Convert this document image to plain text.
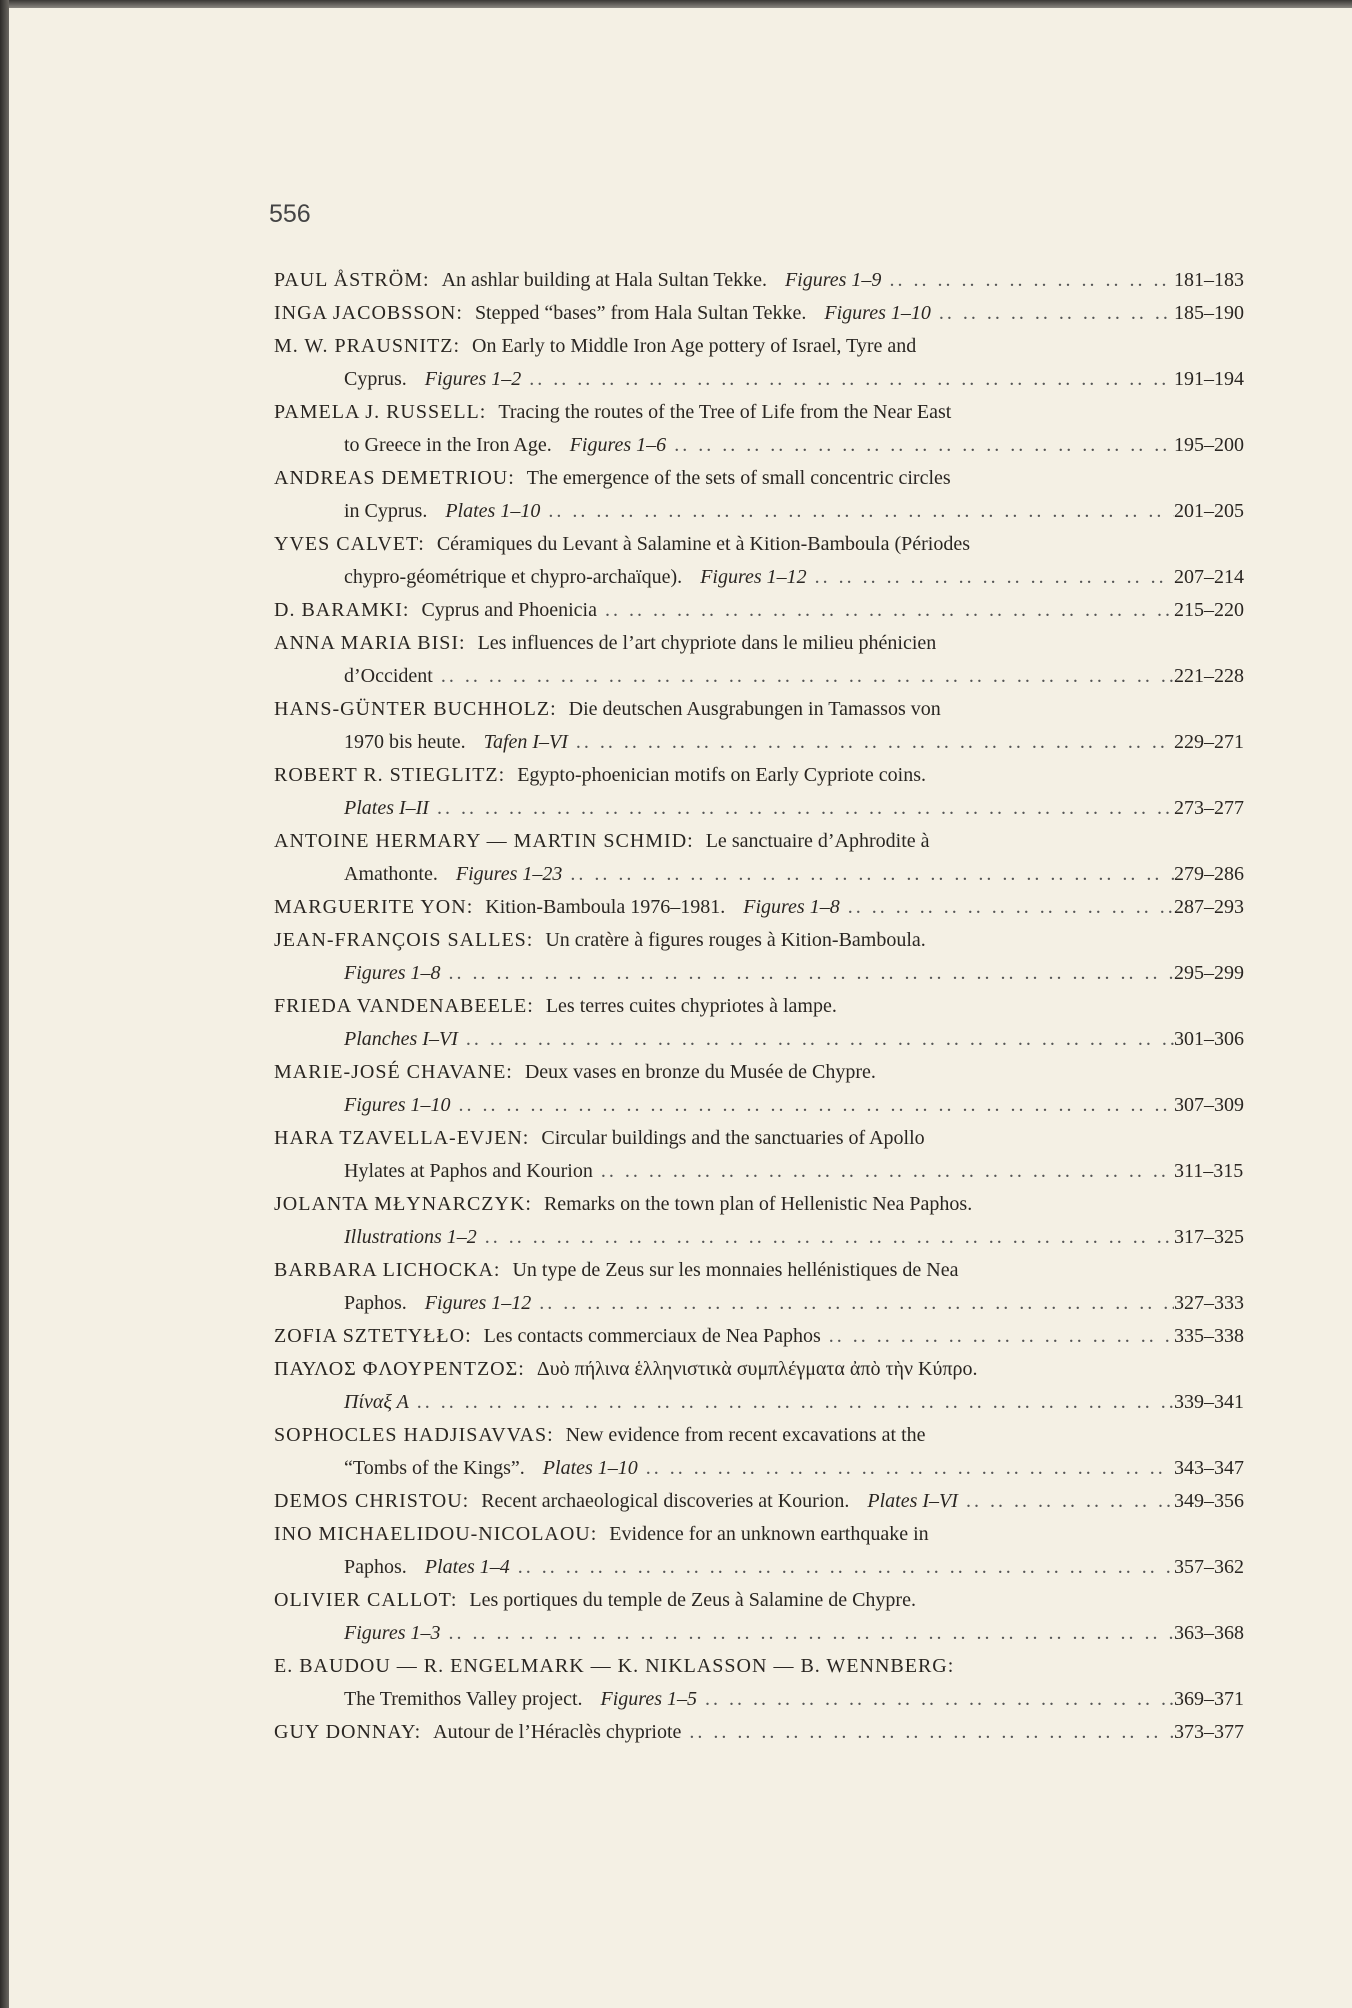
556
PAUL ÅSTRÖM: An ashlar building at Hala Sultan Tekke. Figures 1–9 .. ..	181–183
INGA JACOBSSON: Stepped “bases” from Hala Sultan Tekke. Figures 1–10 .. ..	185–190
M. W. PRAUSNITZ: On Early to Middle Iron Age pottery of Israel, Tyre and
Cyprus. Figures 1–2 .. ..	191–194
PAMELA J. RUSSELL: Tracing the routes of the Tree of Life from the Near East
to Greece in the Iron Age. Figures 1–6 .. ..	195–200
ANDREAS DEMETRIOU: The emergence of the sets of small concentric circles
in Cyprus. Plates 1–10 .. ..	201–205
YVES CALVET: Céramiques du Levant à Salamine et à Kition-Bamboula (Périodes
chypro-géométrique et chypro-archaïque). Figures 1–12 .. ..	207–214
D. BARAMKI: Cyprus and Phoenicia .. ..	215–220
ANNA MARIA BISI: Les influences de l’art chypriote dans le milieu phénicien
d’Occident .. ..	221–228
HANS-GÜNTER BUCHHOLZ: Die deutschen Ausgrabungen in Tamassos von
1970 bis heute. Tafen I–VI .. ..	229–271
ROBERT R. STIEGLITZ: Egypto-phoenician motifs on Early Cypriote coins.
Plates I–II .. ..	273–277
ANTOINE HERMARY — MARTIN SCHMID: Le sanctuaire d’Aphrodite à
Amathonte. Figures 1–23 .. ..	279–286
MARGUERITE YON: Kition-Bamboula 1976–1981. Figures 1–8 .. ..	287–293
JEAN-FRANÇOIS SALLES: Un cratère à figures rouges à Kition-Bamboula.
Figures 1–8 .. ..	295–299
FRIEDA VANDENABEELE: Les terres cuites chypriotes à lampe.
Planches I–VI .. ..	301–306
MARIE-JOSÉ CHAVANE: Deux vases en bronze du Musée de Chypre.
Figures 1–10 .. ..	307–309
HARA TZAVELLA-EVJEN: Circular buildings and the sanctuaries of Apollo
Hylates at Paphos and Kourion .. ..	311–315
JOLANTA MŁYNARCZYK: Remarks on the town plan of Hellenistic Nea Paphos.
Illustrations 1–2 .. ..	317–325
BARBARA LICHOCKA: Un type de Zeus sur les monnaies hellénistiques de Nea
Paphos. Figures 1–12 .. ..	327–333
ZOFIA SZTETYŁŁO: Les contacts commerciaux de Nea Paphos .. ..	335–338
ΠΑΥΛΟΣ ΦΛΟΥΡΕΝΤΖΟΣ: Δυὸ πήλινα ἑλληνιστικὰ συμπλέγματα ἀπὸ τὴν Κύπρο.
Πίναξ Α .. ..	339–341
SOPHOCLES HADJISAVVAS: New evidence from recent excavations at the
“Tombs of the Kings”. Plates 1–10 .. ..	343–347
DEMOS CHRISTOU: Recent archaeological discoveries at Kourion. Plates I–VI .. ..	349–356
INO MICHAELIDOU-NICOLAOU: Evidence for an unknown earthquake in
Paphos. Plates 1–4 .. ..	357–362
OLIVIER CALLOT: Les portiques du temple de Zeus à Salamine de Chypre.
Figures 1–3 .. ..	363–368
E. BAUDOU — R. ENGELMARK — K. NIKLASSON — B. WENNBERG:
The Tremithos Valley project. Figures 1–5 .. ..	369–371
GUY DONNAY: Autour de l’Héraclès chypriote .. ..	373–377
